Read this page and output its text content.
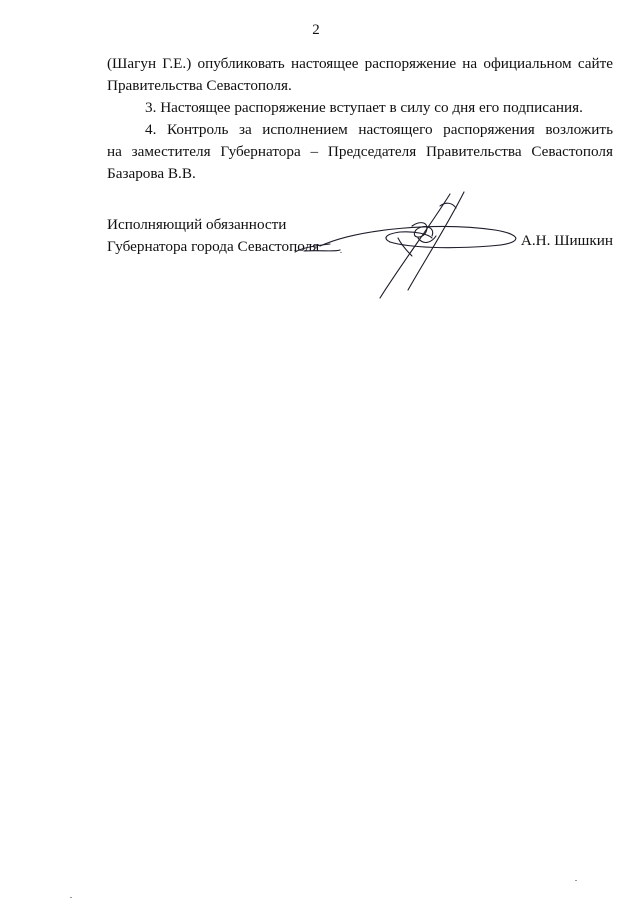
2
(Шагун Г.Е.) опубликовать настоящее распоряжение на официальном сайте
Правительства Севастополя.
3. Настоящее распоряжение вступает в силу со дня его подписания.
4. Контроль за исполнением настоящего распоряжения возложить
на заместителя Губернатора – Председателя Правительства Севастополя
Базарова В.В.
Исполняющий обязанности
Губернатора города Севастополя	А.Н. Шишкин
